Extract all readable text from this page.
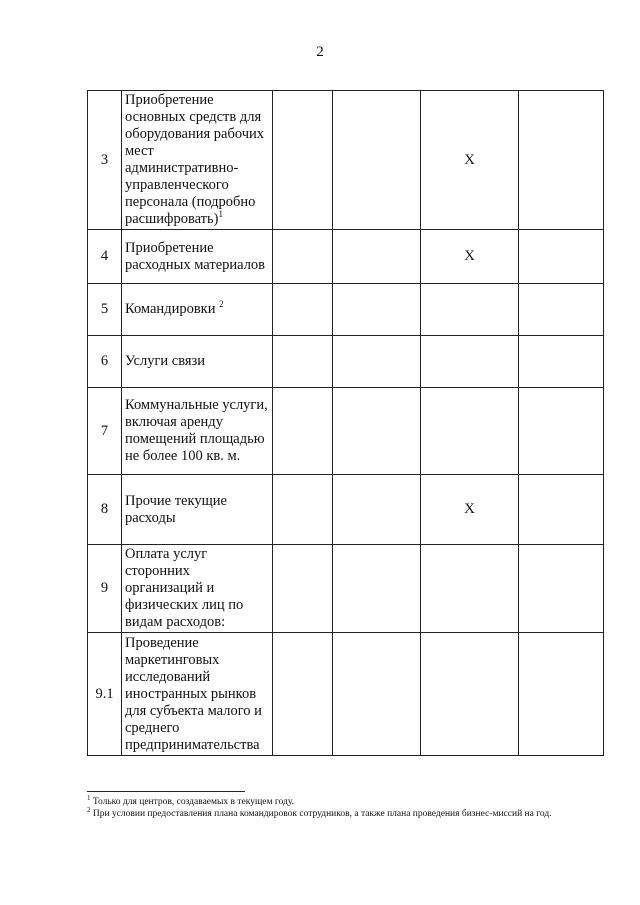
2
3	Приобретение основных средств для оборудования рабочих мест административно-управленческого персонала (подробно расшифровать)$^1$			X	
4	Приобретение расходных материалов			X	
5	Командировки $^2$				
6	Услуги связи				
7	Коммунальные услуги, включая аренду помещений площадью не более 100 кв. м.				
8	Прочие текущие расходы			X	
9	Оплата услуг сторонних организаций и физических лиц по видам расходов:				
9.1	Проведение маркетинговых исследований иностранных рынков для субъекта малого и среднего предпринимательства				

$^1$ Только для центров, создаваемых в текущем году.

$^2$ При условии предоставления плана командировок сотрудников, а также плана проведения бизнес-миссий на год.
